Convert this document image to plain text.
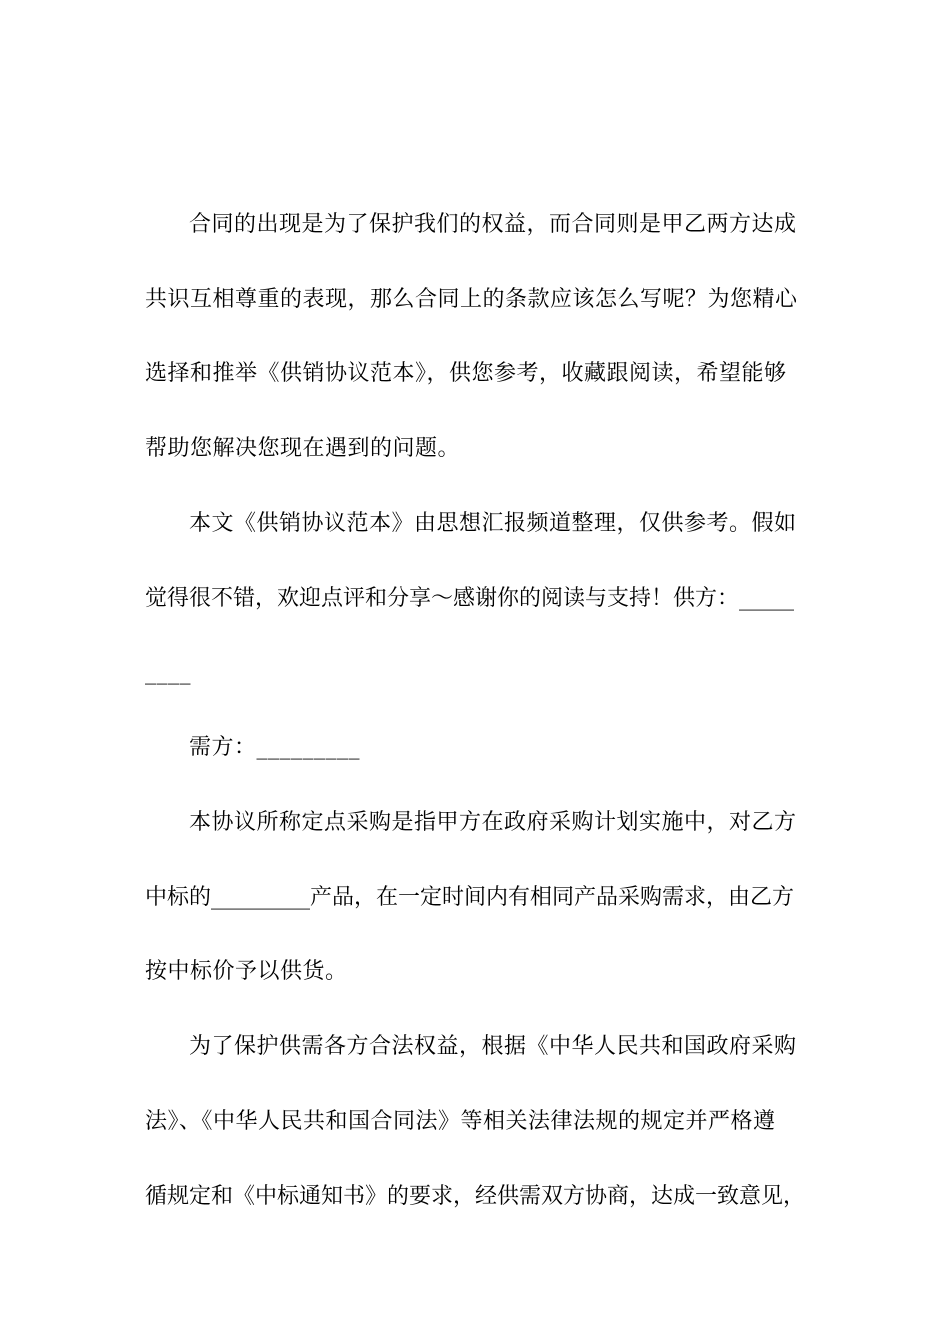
合同的出现是为了保护我们的权益，而合同则是甲乙两方达成
共识互相尊重的表现，那么合同上的条款应该怎么写呢？为您精心
选择和推举《供销协议范本》，供您参考，收藏跟阅读，希望能够
帮助您解决您现在遇到的问题。
本文《供销协议范本》由思想汇报频道整理，仅供参考。假如
觉得很不错，欢迎点评和分享～感谢你的阅读与支持！供方：_____
____
需方：_________
本协议所称定点采购是指甲方在政府采购计划实施中，对乙方
中标的_________产品，在一定时间内有相同产品采购需求，由乙方
按中标价予以供货。
为了保护供需各方合法权益，根据《中华人民共和国政府采购
法》、《中华人民共和国合同法》等相关法律法规的规定并严格遵
循规定和《中标通知书》的要求，经供需双方协商，达成一致意见，
